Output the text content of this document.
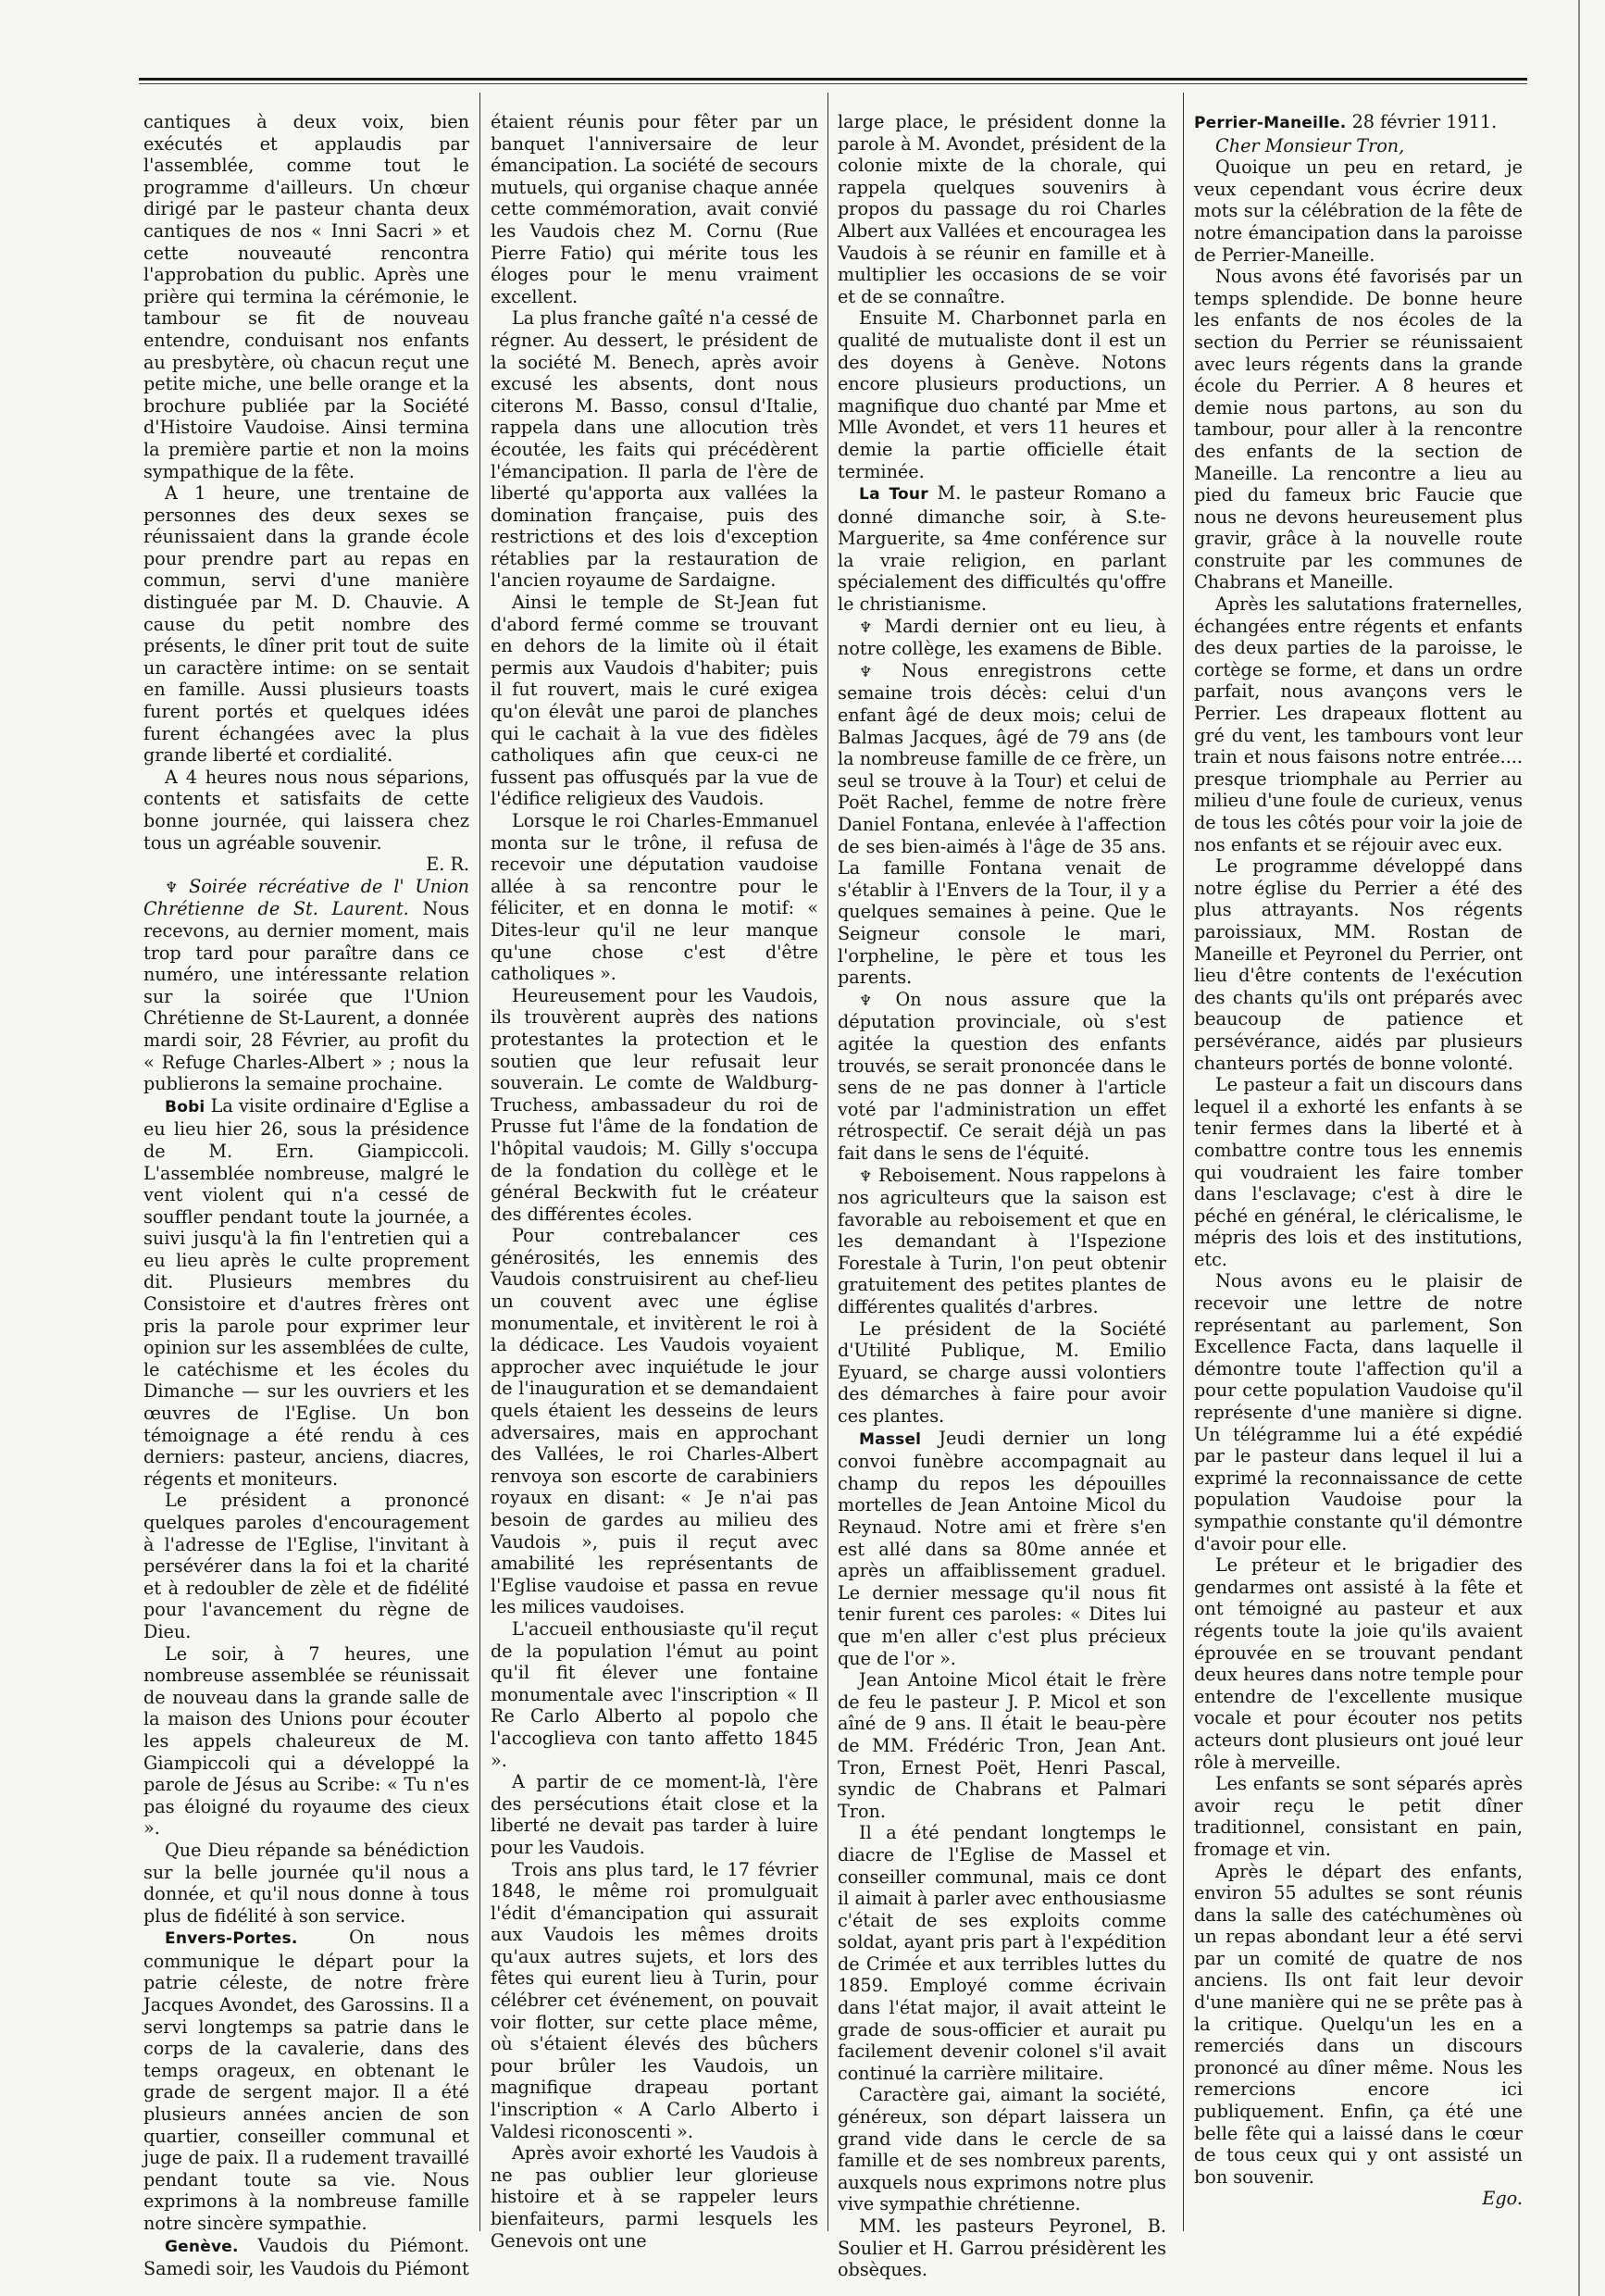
cantiques à deux voix, bien exécutés et applaudis par l'assemblée, comme tout le programme d'ailleurs. Un chœur dirigé par le pasteur chanta deux cantiques de nos « Inni Sacri » et cette nouveauté rencontra l'approbation du public. Après une prière qui termina la cérémonie, le tambour se fit de nouveau entendre, conduisant nos enfants au presbytère, où chacun reçut une petite miche, une belle orange et la brochure publiée par la Société d'Histoire Vaudoise. Ainsi termina la première partie et non la moins sympathique de la fête.

A 1 heure, une trentaine de personnes des deux sexes se réunissaient dans la grande école pour prendre part au repas en commun, servi d'une manière distinguée par M. D. Chauvie. A cause du petit nombre des présents, le dîner prit tout de suite un caractère intime: on se sentait en famille. Aussi plusieurs toasts furent portés et quelques idées furent échangées avec la plus grande liberté et cordialité.

A 4 heures nous nous séparions, contents et satisfaits de cette bonne journée, qui laissera chez tous un agréable souvenir.

E. R.

♆ Soirée récréative de l' Union Chrétienne de St. Laurent. Nous recevons, au dernier moment, mais trop tard pour paraître dans ce numéro, une intéressante relation sur la soirée que l'Union Chrétienne de St-Laurent, a donnée mardi soir, 28 Février, au profit du « Refuge Charles-Albert » ; nous la publierons la semaine prochaine.

Bobi La visite ordinaire d'Eglise a eu lieu hier 26, sous la présidence de M. Ern. Giampiccoli. L'assemblée nombreuse, malgré le vent violent qui n'a cessé de souffler pendant toute la journée, a suivi jusqu'à la fin l'entretien qui a eu lieu après le culte proprement dit. Plusieurs membres du Consistoire et d'autres frères ont pris la parole pour exprimer leur opinion sur les assemblées de culte, le catéchisme et les écoles du Dimanche — sur les ouvriers et les œuvres de l'Eglise. Un bon témoignage a été rendu à ces derniers: pasteur, anciens, diacres, régents et moniteurs.

Le président a prononcé quelques paroles d'encouragement à l'adresse de l'Eglise, l'invitant à persévérer dans la foi et la charité et à redoubler de zèle et de fidélité pour l'avancement du règne de Dieu.

Le soir, à 7 heures, une nombreuse assemblée se réunissait de nouveau dans la grande salle de la maison des Unions pour écouter les appels chaleureux de M. Giampiccoli qui a développé la parole de Jésus au Scribe: « Tu n'es pas éloigné du royaume des cieux ».

Que Dieu répande sa bénédiction sur la belle journée qu'il nous a donnée, et qu'il nous donne à tous plus de fidélité à son service.

Envers-Portes.	On nous communique le départ pour la patrie céleste, de notre frère Jacques Avondet, des Garossins. Il a servi longtemps sa patrie dans le corps de la cavalerie, dans des temps orageux, en obtenant le grade de sergent major. Il a été plusieurs années ancien de son quartier, conseiller communal et juge de paix. Il a rudement travaillé pendant toute sa vie. Nous exprimons à la nombreuse famille notre sincère sympathie.

Genève. Vaudois du Piémont. Samedi soir, les Vaudois du Piémont

étaient réunis pour fêter par un banquet l'anniversaire de leur émancipation. La société de secours mutuels, qui organise chaque année cette commémoration, avait convié les Vaudois chez M. Cornu (Rue Pierre Fatio) qui mérite tous les éloges pour le menu vraiment excellent.

La plus franche gaîté n'a cessé de régner. Au dessert, le président de la société M. Benech, après avoir excusé les absents, dont nous citerons M. Basso, consul d'Italie, rappela dans une allocution très écoutée, les faits qui précédèrent l'émancipation. Il parla de l'ère de liberté qu'apporta aux vallées la domination française, puis des restrictions et des lois d'exception rétablies par la restauration de l'ancien royaume de Sardaigne.

Ainsi le temple de St-Jean fut d'abord fermé comme se trouvant en dehors de la limite où il était permis aux Vaudois d'habiter; puis il fut rouvert, mais le curé exigea qu'on élevât une paroi de planches qui le cachait à la vue des fidèles catholiques afin que ceux-ci ne fussent pas offusqués par la vue de l'édifice religieux des Vaudois.

Lorsque le roi Charles-Emmanuel monta sur le trône, il refusa de recevoir une députation vaudoise allée à sa rencontre pour le féliciter, et en donna le motif: « Dites-leur qu'il ne leur manque qu'une chose c'est d'être catholiques ».

Heureusement pour les Vaudois, ils trouvèrent auprès des nations protestantes la protection et le soutien que leur refusait leur souverain. Le comte de Waldburg-Truchess, ambassadeur du roi de Prusse fut l'âme de la fondation de l'hôpital vaudois; M. Gilly s'occupa de la fondation du collège et le général Beckwith fut le créateur des différentes écoles.

Pour contrebalancer ces générosités, les ennemis des Vaudois construisirent au chef-lieu un couvent avec une église monumentale, et invitèrent le roi à la dédicace. Les Vaudois voyaient approcher avec inquiétude le jour de l'inauguration et se demandaient quels étaient les desseins de leurs adversaires, mais en approchant des Vallées, le roi Charles-Albert renvoya son escorte de carabiniers royaux en disant: « Je n'ai pas besoin de gardes au milieu des Vaudois », puis il reçut avec amabilité les représentants de l'Eglise vaudoise et passa en revue les milices vaudoises.

L'accueil enthousiaste qu'il reçut de la population l'émut au point qu'il fit élever une fontaine monumentale avec l'inscription « Il Re Carlo Alberto al popolo che l'accoglieva con tanto affetto 1845 ».

A partir de ce moment-là, l'ère des persécutions était close et la liberté ne devait pas tarder à luire pour les Vaudois.

Trois ans plus tard, le 17 février 1848, le même roi promulguait l'édit d'émancipation qui assurait aux Vaudois les mêmes droits qu'aux autres sujets, et lors des fêtes qui eurent lieu à Turin, pour célébrer cet événement, on pouvait voir flotter, sur cette place même, où s'étaient élevés des bûchers pour brûler les Vaudois, un magnifique drapeau portant l'inscription « A Carlo Alberto i Valdesi riconoscenti ».

Après avoir exhorté les Vaudois à ne pas oublier leur glorieuse histoire et à se rappeler leurs bienfaiteurs, parmi lesquels les Genevois ont une

large place, le président donne la parole à M. Avondet, président de la colonie mixte de la chorale, qui rappela quelques souvenirs à propos du passage du roi Charles Albert aux Vallées et encouragea les Vaudois à se réunir en famille et à multiplier les occasions de se voir et de se connaître.

Ensuite M. Charbonnet parla en qualité de mutualiste dont il est un des doyens à Genève. Notons encore plusieurs productions, un magnifique duo chanté par Mme et Mlle Avondet, et vers 11 heures et demie la partie officielle était terminée.

La Tour M. le pasteur Romano a donné dimanche soir, à S.te-Marguerite, sa 4me conférence sur la vraie religion, en parlant spécialement des difficultés qu'offre le christianisme.

♆ Mardi dernier ont eu lieu, à notre collège, les examens de Bible.

♆ Nous enregistrons cette semaine trois décès: celui d'un enfant âgé de deux mois; celui de Balmas Jacques, âgé de 79 ans (de la nombreuse famille de ce frère, un seul se trouve à la Tour) et celui de Poët Rachel, femme de notre frère Daniel Fontana, enlevée à l'affection de ses bien-aimés à l'âge de 35 ans. La famille Fontana venait de s'établir à l'Envers de la Tour, il y a quelques semaines à peine. Que le Seigneur console le mari, l'orpheline, le père et tous les parents.

♆ On nous assure que la députation provinciale, où s'est agitée la question des enfants trouvés, se serait prononcée dans le sens de ne pas donner à l'article voté par l'administration un effet rétrospectif. Ce serait déjà un pas fait dans le sens de l'équité.

♆ Reboisement. Nous rappelons à nos agriculteurs que la saison est favorable au reboisement et que en les demandant à l'Ispezione Forestale à Turin, l'on peut obtenir gratuitement des petites plantes de différentes qualités d'arbres.

Le président de la Société d'Utilité Publique, M. Emilio Eyuard, se charge aussi volontiers des démarches à faire pour avoir ces plantes.

Massel Jeudi dernier un long convoi funèbre accompagnait au champ du repos les dépouilles mortelles de Jean Antoine Micol du Reynaud. Notre ami et frère s'en est allé dans sa 80me année et après un affaiblissement graduel. Le dernier message qu'il nous fit tenir furent ces paroles: « Dites lui que m'en aller c'est plus précieux que de l'or ».

Jean Antoine Micol était le frère de feu le pasteur J. P. Micol et son aîné de 9 ans. Il était le beau-père de MM. Frédéric Tron, Jean Ant. Tron, Ernest Poët, Henri Pascal, syndic de Chabrans et Palmari Tron.

Il a été pendant longtemps le diacre de l'Eglise de Massel et conseiller communal, mais ce dont il aimait à parler avec enthousiasme c'était de ses exploits comme soldat, ayant pris part à l'expédition de Crimée et aux terribles luttes du 1859. Employé comme écrivain dans l'état major, il avait atteint le grade de sous-officier et aurait pu facilement devenir colonel s'il avait continué la carrière militaire.

Caractère gai, aimant la société, généreux, son départ laissera un grand vide dans le cercle de sa famille et de ses nombreux parents, auxquels nous exprimons notre plus vive sympathie chrétienne.

MM. les pasteurs Peyronel, B. Soulier et H. Garrou présidèrent les obsèques.

Perrier-Maneille. 28 février 1911.

Cher Monsieur Tron,

Quoique un peu en retard, je veux cependant vous écrire deux mots sur la célébration de la fête de notre émancipation dans la paroisse de Perrier-Maneille.

Nous avons été favorisés par un temps splendide. De bonne heure les enfants de nos écoles de la section du Perrier se réunissaient avec leurs régents dans la grande école du Perrier. A 8 heures et demie nous partons, au son du tambour, pour aller à la rencontre des enfants de la section de Maneille. La rencontre a lieu au pied du fameux bric Faucie que nous ne devons heureusement plus gravir, grâce à la nouvelle route construite par les communes de Chabrans et Maneille.

Après les salutations fraternelles, échangées entre régents et enfants des deux parties de la paroisse, le cortège se forme, et dans un ordre parfait, nous avançons vers le Perrier. Les drapeaux flottent au gré du vent, les tambours vont leur train et nous faisons notre entrée.... presque triomphale au Perrier au milieu d'une foule de curieux, venus de tous les côtés pour voir la joie de nos enfants et se réjouir avec eux.

Le programme développé dans notre église du Perrier a été des plus attrayants. Nos régents paroissiaux, MM. Rostan de Maneille et Peyronel du Perrier, ont lieu d'être contents de l'exécution des chants qu'ils ont préparés avec beaucoup de patience et persévérance, aidés par plusieurs chanteurs portés de bonne volonté.

Le pasteur a fait un discours dans lequel il a exhorté les enfants à se tenir fermes dans la liberté et à combattre contre tous les ennemis qui voudraient les faire tomber dans l'esclavage; c'est à dire le péché en général, le cléricalisme, le mépris des lois et des institutions, etc.

Nous avons eu le plaisir de recevoir une lettre de notre représentant au parlement, Son Excellence Facta, dans laquelle il démontre toute l'affection qu'il a pour cette population Vaudoise qu'il représente d'une manière si digne. Un télégramme lui a été expédié par le pasteur dans lequel il lui a exprimé la reconnaissance de cette population Vaudoise pour la sympathie constante qu'il démontre d'avoir pour elle.

Le préteur et le brigadier des gendarmes ont assisté à la fête et ont témoigné au pasteur et aux régents toute la joie qu'ils avaient éprouvée en se trouvant pendant deux heures dans notre temple pour entendre de l'excellente musique vocale et pour écouter nos petits acteurs dont plusieurs ont joué leur rôle à merveille.

Les enfants se sont séparés après avoir reçu le petit dîner traditionnel, consistant en pain, fromage et vin.

Après le départ des enfants, environ 55 adultes se sont réunis dans la salle des catéchumènes où un repas abondant leur a été servi par un comité de quatre de nos anciens. Ils ont fait leur devoir d'une manière qui ne se prête pas à la critique. Quelqu'un les en a remerciés dans un discours prononcé au dîner même. Nous les remercions encore ici publiquement. Enfin, ça été une belle fête qui a laissé dans le cœur de tous ceux qui y ont assisté un bon souvenir.

Ego.
